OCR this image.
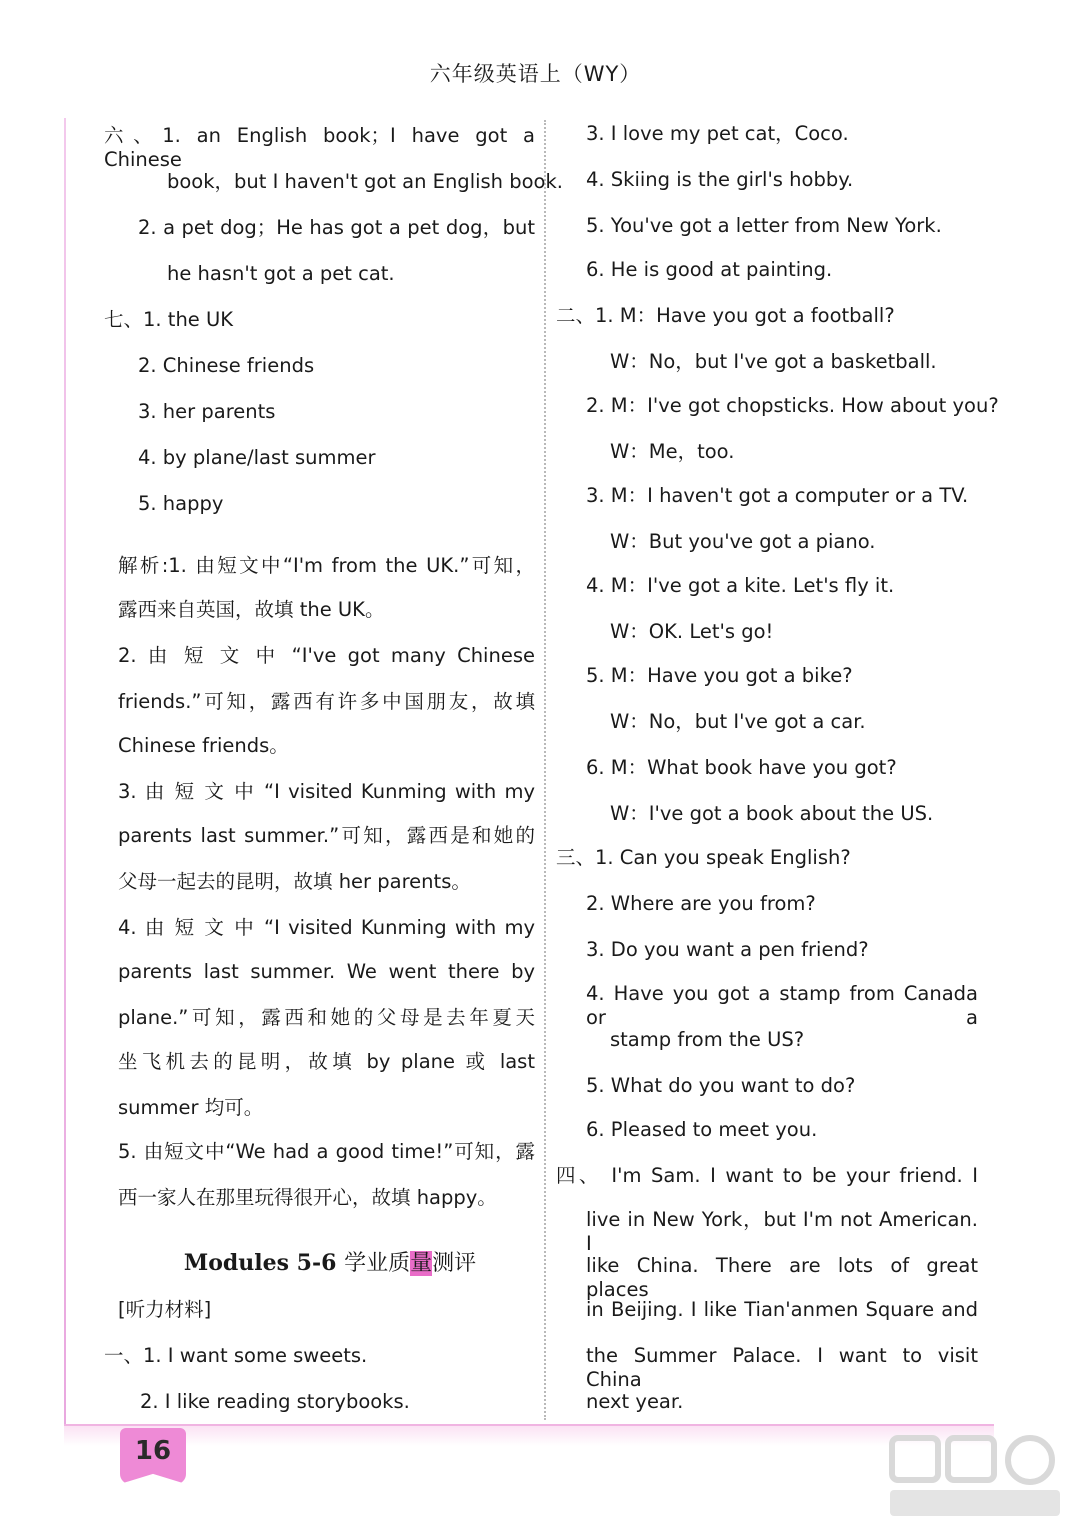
六年级英语上（WY）
六、1. an English book；I have got a Chinese
book，but I haven't got an English book.
2. a pet dog；He has got a pet dog，but
he hasn't got a pet cat.
七、1. the UK
2. Chinese friends
3. her parents
4. by plane/last summer
5. happy
解析:1. 由短文中“I'm from the UK.”可知，
露西来自英国，故填 the UK。
2. 由 短 文 中 “I've got many Chinese
friends.”可知，露西有许多中国朋友，故填
Chinese friends。
3. 由 短 文 中 “I visited Kunming with my
parents last summer.”可知，露西是和她的
父母一起去的昆明，故填 her parents。
4. 由 短 文 中 “I visited Kunming with my
parents last summer. We went there by
plane.”可知，露西和她的父母是去年夏天
坐飞机去的昆明，故填 by plane 或 last
summer 均可。
5. 由短文中“We had a good time!”可知，露
西一家人在那里玩得很开心，故填 happy。
Modules 5-6 学业质量测评
[听力材料]
一、1. I want some sweets.
2. I like reading storybooks.
3. I love my pet cat，Coco.
4. Skiing is the girl's hobby.
5. You've got a letter from New York.
6. He is good at painting.
二、1. M：Have you got a football?
W：No，but I've got a basketball.
2. M：I've got chopsticks. How about you?
W：Me，too.
3. M：I haven't got a computer or a TV.
W：But you've got a piano.
4. M：I've got a kite. Let's fly it.
W：OK. Let's go!
5. M：Have you got a bike?
W：No，but I've got a car.
6. M：What book have you got?
W：I've got a book about the US.
三、1. Can you speak English?
2. Where are you from?
3. Do you want a pen friend?
4. Have you got a stamp from Canada or a
stamp from the US?
5. What do you want to do?
6. Pleased to meet you.
四、 I'm Sam. I want to be your friend. I
live in New York，but I'm not American. I
like China. There are lots of great places
in Beijing. I like Tian'anmen Square and
the Summer Palace. I want to visit China
next year.
16
